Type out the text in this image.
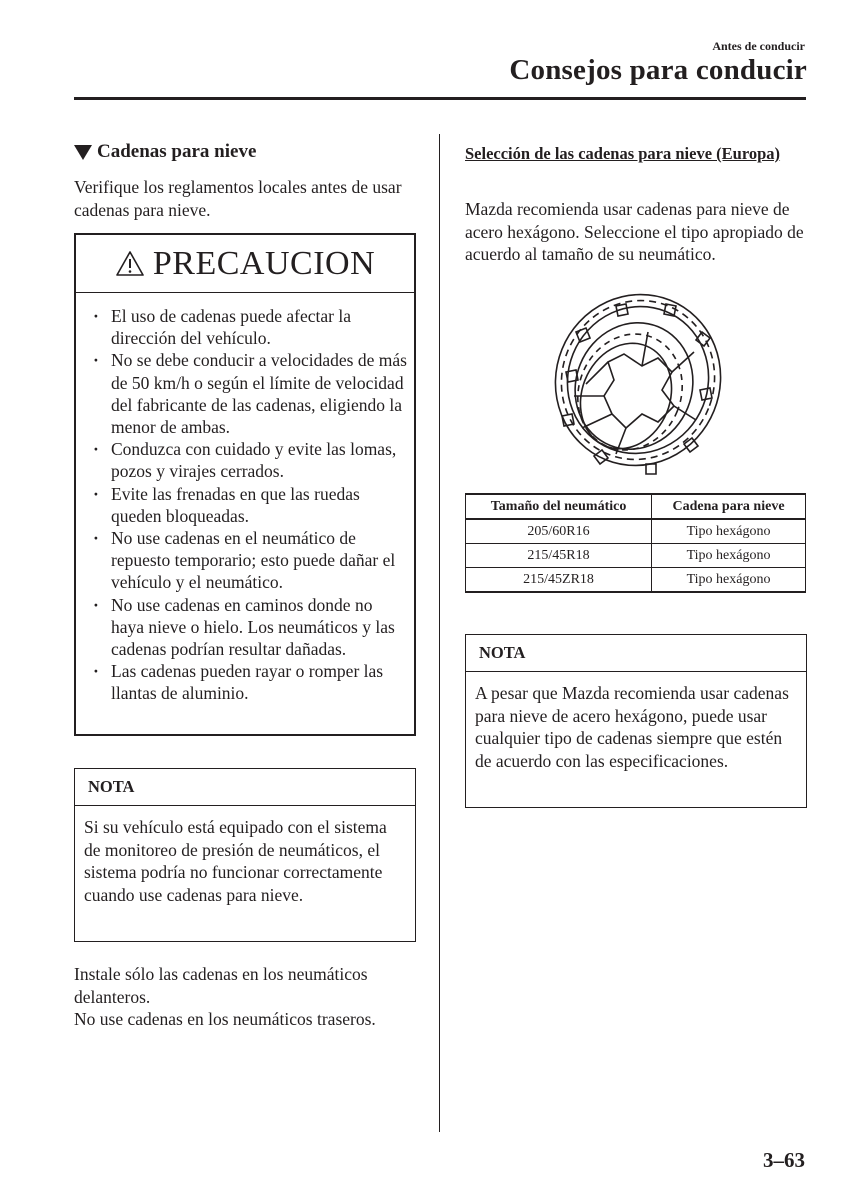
Antes de conducir
Consejos para conducir
Cadenas para nieve
Verifique los reglamentos locales antes de usar cadenas para nieve.
PRECAUCION
· El uso de cadenas puede afectar la dirección del vehículo.
· No se debe conducir a velocidades de más de 50 km/h o según el límite de velocidad del fabricante de las cadenas, eligiendo la menor de ambas.
· Conduzca con cuidado y evite las lomas, pozos y virajes cerrados.
· Evite las frenadas en que las ruedas queden bloqueadas.
· No use cadenas en el neumático de repuesto temporario; esto puede dañar el vehículo y el neumático.
· No use cadenas en caminos donde no haya nieve o hielo. Los neumáticos y las cadenas podrían resultar dañadas.
· Las cadenas pueden rayar o romper las llantas de aluminio.
NOTA
Si su vehículo está equipado con el sistema de monitoreo de presión de neumáticos, el sistema podría no funcionar correctamente cuando use cadenas para nieve.
Instale sólo las cadenas en los neumáticos delanteros.
No use cadenas en los neumáticos traseros.
Selección de las cadenas para nieve (Europa)
Mazda recomienda usar cadenas para nieve de acero hexágono. Seleccione el tipo apropiado de acuerdo al tamaño de su neumático.
Tamaño del neumático	Cadena para nieve
205/60R16	Tipo hexágono
215/45R18	Tipo hexágono
215/45ZR18	Tipo hexágono
NOTA
A pesar que Mazda recomienda usar cadenas para nieve de acero hexágono, puede usar cualquier tipo de cadenas siempre que estén de acuerdo con las especificaciones.
3–63
